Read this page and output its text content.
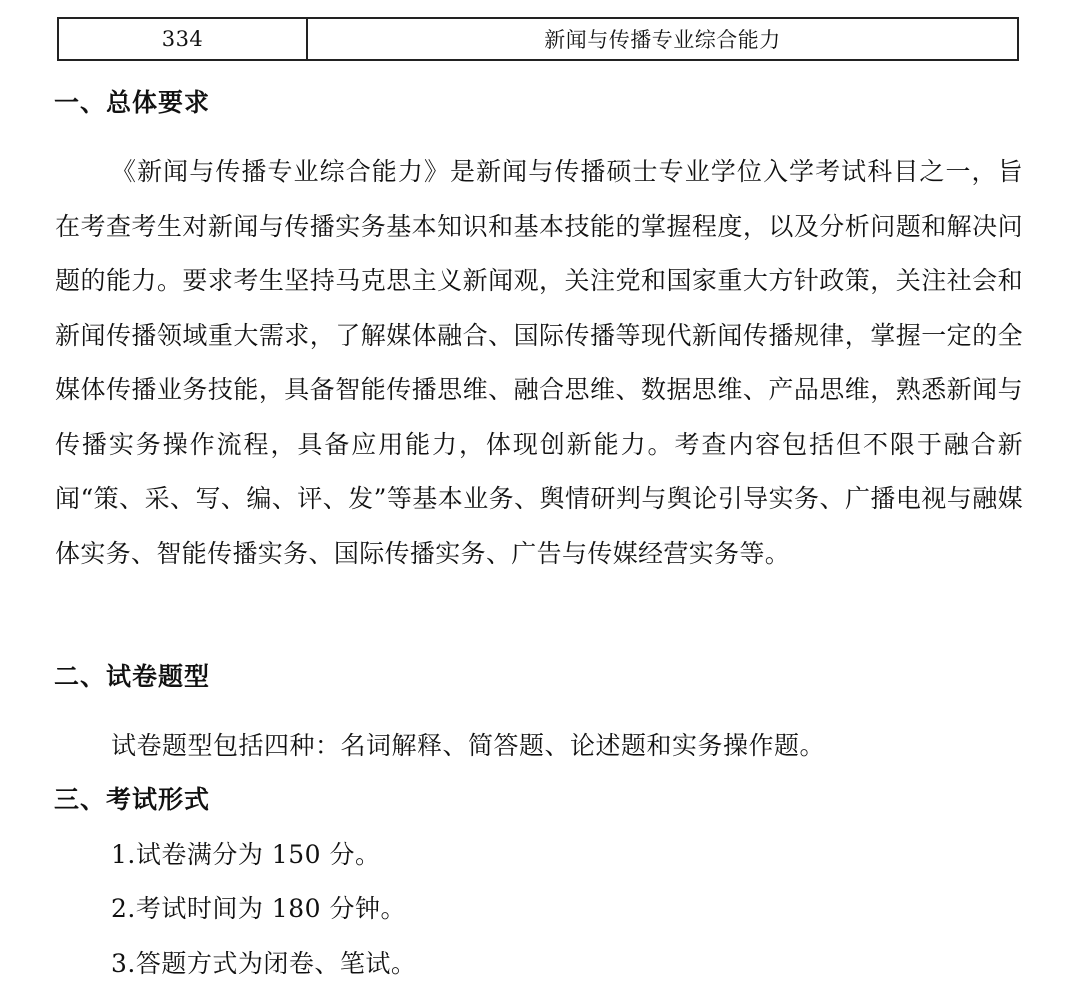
334	新闻与传播专业综合能力
一、总体要求

《新闻与传播专业综合能力》是新闻与传播硕士专业学位入学考试科目之一，旨在考查考生对新闻与传播实务基本知识和基本技能的掌握程度，以及分析问题和解决问题的能力。要求考生坚持马克思主义新闻观，关注党和国家重大方针政策，关注社会和新闻传播领域重大需求，了解媒体融合、国际传播等现代新闻传播规律，掌握一定的全媒体传播业务技能，具备智能传播思维、融合思维、数据思维、产品思维，熟悉新闻与传播实务操作流程，具备应用能力，体现创新能力。考查内容包括但不限于融合新闻“策、采、写、编、评、发”等基本业务、舆情研判与舆论引导实务、广播电视与融媒体实务、智能传播实务、国际传播实务、广告与传媒经营实务等。

二、试卷题型

试卷题型包括四种：名词解释、简答题、论述题和实务操作题。

三、考试形式

1.试卷满分为 150 分。

2.考试时间为 180 分钟。

3.答题方式为闭卷、笔试。
